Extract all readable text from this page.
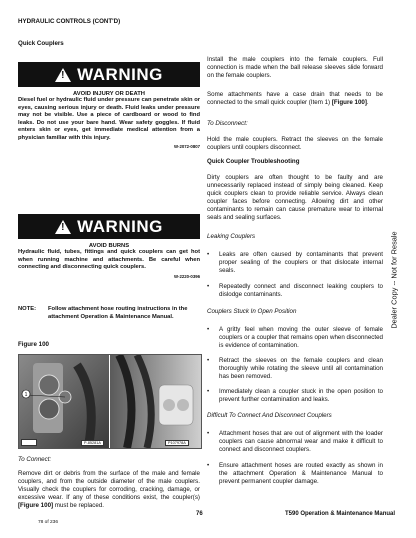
HYDRAULIC CONTROLS (CONT'D)
Quick Couplers
! WARNING
AVOID INJURY OR DEATH
Diesel fuel or hydraulic fluid under pressure can penetrate skin or eyes, causing serious injury or death. Fluid leaks under pressure may not be visible. Use a piece of cardboard or wood to find leaks. Do not use your bare hand. Wear safety goggles. If fluid enters skin or eyes, get immediate medical attention from a physician familiar with this injury.
W-2072-0807
! WARNING
AVOID BURNS
Hydraulic fluid, tubes, fittings and quick couplers can get hot when running machine and attachments. Be careful when connecting and disconnecting quick couplers.
W-2220-0396
NOTE: Follow attachment hose routing instructions in the attachment Operation & Maintenance Manual.
Figure 100
1
P-85281A	P107978A
To Connect:
Remove dirt or debris from the surface of the male and female couplers, and from the outside diameter of the male couplers. Visually check the couplers for corroding, cracking, damage, or excessive wear. If any of these conditions exist, the coupler(s) [Figure 100] must be replaced.
Install the male couplers into the female couplers. Full connection is made when the ball release sleeves slide forward on the female couplers.
Some attachments have a case drain that needs to be connected to the small quick coupler (Item 1) [Figure 100].
To Disconnect:
Hold the male couplers. Retract the sleeves on the female couplers until couplers disconnect.
Quick Coupler Troubleshooting
Dirty couplers are often thought to be faulty and are unnecessarily replaced instead of simply being cleaned. Keep quick couplers clean to provide reliable service. Always clean coupler faces before connecting. Allowing dirt and other contaminants to remain can cause premature wear to internal seals and sealing surfaces.
Leaking Couplers
• Leaks are often caused by contaminants that prevent proper sealing of the couplers or that dislocate internal seals.
• Repeatedly connect and disconnect leaking couplers to dislodge contaminants.
Couplers Stuck In Open Position
• A gritty feel when moving the outer sleeve of female couplers or a coupler that remains open when disconnected is evidence of contamination.
• Retract the sleeves on the female couplers and clean thoroughly while rotating the sleeve until all contamination has been removed.
• Immediately clean a coupler stuck in the open position to prevent further contamination and leaks.
Difficult To Connect And Disconnect Couplers
• Attachment hoses that are out of alignment with the loader couplers can cause abnormal wear and make it difficult to connect and disconnect couplers.
• Ensure attachment hoses are routed exactly as shown in the attachment Operation & Maintenance Manual to prevent permanent coupler damage.
Dealer Copy -- Not for Resale
76	T590 Operation & Maintenance Manual
78 of 236
